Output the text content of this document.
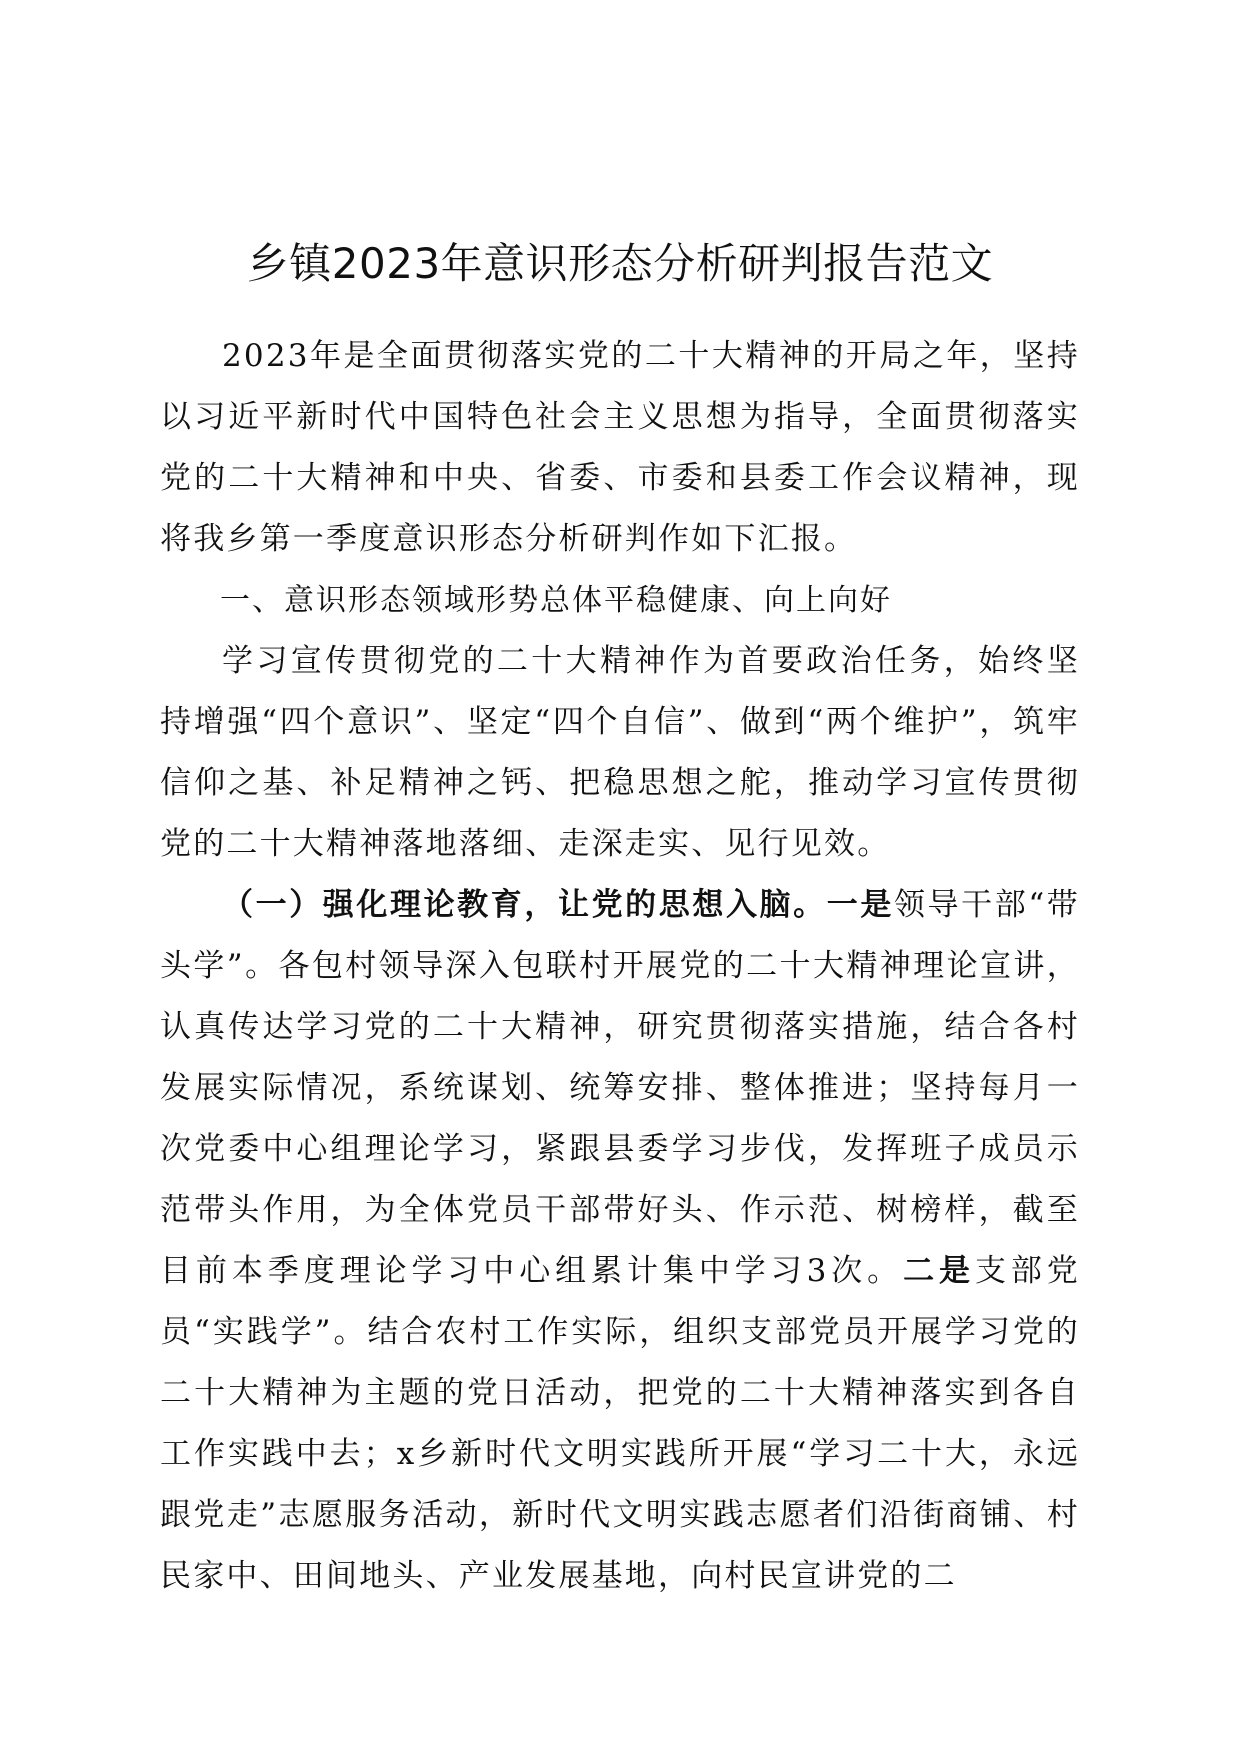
乡镇2023年意识形态分析研判报告范文

2023年是全面贯彻落实党的二十大精神的开局之年，坚持以习近平新时代中国特色社会主义思想为指导，全面贯彻落实党的二十大精神和中央、省委、市委和县委工作会议精神，现将我乡第一季度意识形态分析研判作如下汇报。

一、意识形态领域形势总体平稳健康、向上向好

学习宣传贯彻党的二十大精神作为首要政治任务，始终坚持增强“四个意识”、坚定“四个自信”、做到“两个维护”，筑牢信仰之基、补足精神之钙、把稳思想之舵，推动学习宣传贯彻党的二十大精神落地落细、走深走实、见行见效。

（一）强化理论教育，让党的思想入脑。一是领导干部“带头学”。各包村领导深入包联村开展党的二十大精神理论宣讲，认真传达学习党的二十大精神，研究贯彻落实措施，结合各村发展实际情况，系统谋划、统筹安排、整体推进；坚持每月一次党委中心组理论学习，紧跟县委学习步伐，发挥班子成员示范带头作用，为全体党员干部带好头、作示范、树榜样，截至目前本季度理论学习中心组累计集中学习3次。二是支部党员“实践学”。结合农村工作实际，组织支部党员开展学习党的二十大精神为主题的党日活动，把党的二十大精神落实到各自工作实践中去；x乡新时代文明实践所开展“学习二十大，永远跟党走”志愿服务活动，新时代文明实践志愿者们沿街商铺、村民家中、田间地头、产业发展基地，向村民宣讲党的二
